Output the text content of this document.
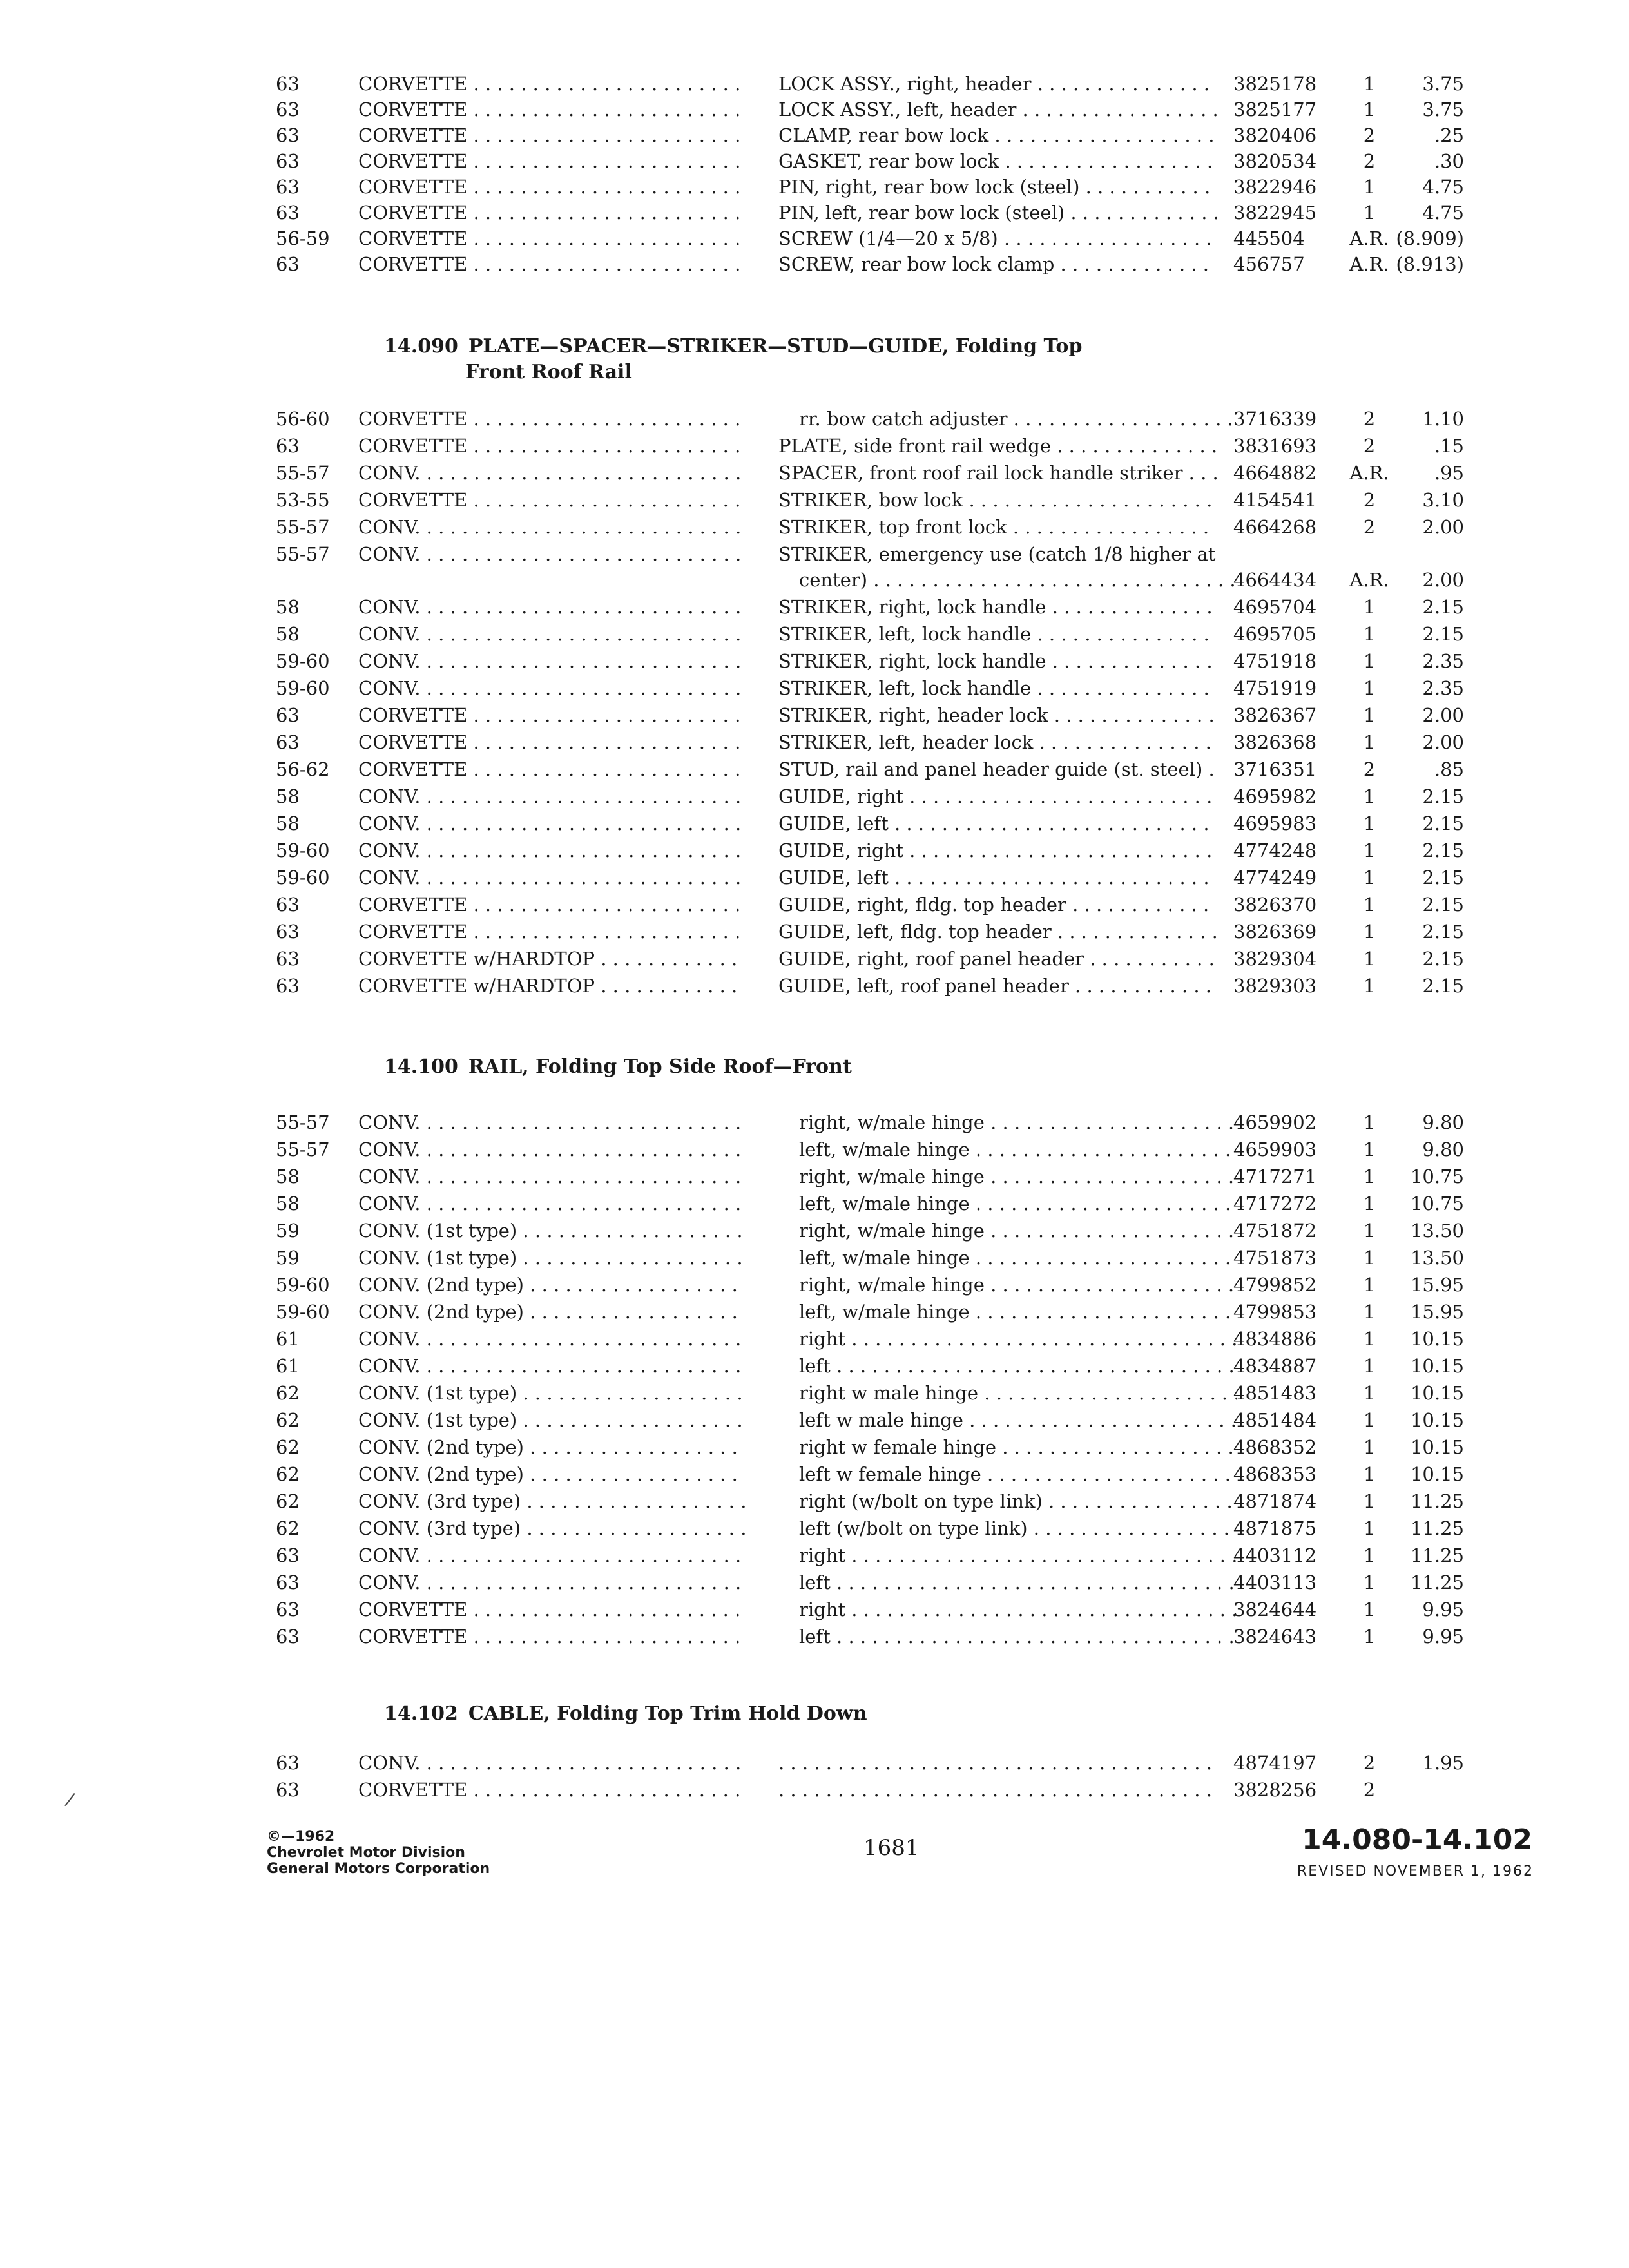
63	CORVETTE . . .	LOCK ASSY., right, header . . .	3825178	1	3.75
63	CORVETTE . . .	LOCK ASSY., left, header . . .	3825177	1	3.75
63	CORVETTE . . .	CLAMP, rear bow lock . . .	3820406	2	.25
63	CORVETTE . . .	GASKET, rear bow lock . . .	3820534	2	.30
63	CORVETTE . . .	PIN, right, rear bow lock (steel) . . .	3822946	1	4.75
63	CORVETTE . . .	PIN, left, rear bow lock (steel) . . .	3822945	1	4.75
56-59	CORVETTE . . .	SCREW (1/4—20 x 5/8) . . .	445504	A.R. (8.909)
63	CORVETTE . . .	SCREW, rear bow lock clamp . . .	456757	A.R. (8.913)
14.090 PLATE—SPACER—STRIKER—STUD—GUIDE, Folding Top
Front Roof Rail
56-60	CORVETTE . . .	rr. bow catch adjuster . . .	3716339	2	1.10
63	CORVETTE . . .	PLATE, side front rail wedge . . .	3831693	2	.15
55-57	CONV. . . .	SPACER, front roof rail lock handle striker . . .	4664882	A.R.	.95
53-55	CORVETTE . . .	STRIKER, bow lock . . .	4154541	2	3.10
55-57	CONV. . . .	STRIKER, top front lock . . .	4664268	2	2.00
55-57	CONV. . . .	STRIKER, emergency use (catch 1/8 higher at
center) . . .	4664434	A.R.	2.00
58	CONV. . . .	STRIKER, right, lock handle . . .	4695704	1	2.15
58	CONV. . . .	STRIKER, left, lock handle . . .	4695705	1	2.15
59-60	CONV. . . .	STRIKER, right, lock handle . . .	4751918	1	2.35
59-60	CONV. . . .	STRIKER, left, lock handle . . .	4751919	1	2.35
63	CORVETTE . . .	STRIKER, right, header lock . . .	3826367	1	2.00
63	CORVETTE . . .	STRIKER, left, header lock . . .	3826368	1	2.00
56-62	CORVETTE . . .	STUD, rail and panel header guide (st. steel) . . .	3716351	2	.85
58	CONV. . . .	GUIDE, right . . .	4695982	1	2.15
58	CONV. . . .	GUIDE, left . . .	4695983	1	2.15
59-60	CONV. . . .	GUIDE, right . . .	4774248	1	2.15
59-60	CONV. . . .	GUIDE, left . . .	4774249	1	2.15
63	CORVETTE . . .	GUIDE, right, fldg. top header . . .	3826370	1	2.15
63	CORVETTE . . .	GUIDE, left, fldg. top header . . .	3826369	1	2.15
63	CORVETTE w/HARDTOP . . .	GUIDE, right, roof panel header . . .	3829304	1	2.15
63	CORVETTE w/HARDTOP . . .	GUIDE, left, roof panel header . . .	3829303	1	2.15
14.100 RAIL, Folding Top Side Roof—Front
55-57	CONV. . . .	right, w/male hinge . . .	4659902	1	9.80
55-57	CONV. . . .	left, w/male hinge . . .	4659903	1	9.80
58	CONV. . . .	right, w/male hinge . . .	4717271	1	10.75
58	CONV. . . .	left, w/male hinge . . .	4717272	1	10.75
59	CONV. (1st type) . . .	right, w/male hinge . . .	4751872	1	13.50
59	CONV. (1st type) . . .	left, w/male hinge . . .	4751873	1	13.50
59-60	CONV. (2nd type) . . .	right, w/male hinge . . .	4799852	1	15.95
59-60	CONV. (2nd type) . . .	left, w/male hinge . . .	4799853	1	15.95
61	CONV. . . .	right . . .	4834886	1	10.15
61	CONV. . . .	left . . .	4834887	1	10.15
62	CONV. (1st type) . . .	right w male hinge . . .	4851483	1	10.15
62	CONV. (1st type) . . .	left w male hinge . . .	4851484	1	10.15
62	CONV. (2nd type) . . .	right w female hinge . . .	4868352	1	10.15
62	CONV. (2nd type) . . .	left w female hinge . . .	4868353	1	10.15
62	CONV. (3rd type) . . .	right (w/bolt on type link) . . .	4871874	1	11.25
62	CONV. (3rd type) . . .	left (w/bolt on type link) . . .	4871875	1	11.25
63	CONV. . . .	right . . .	4403112	1	11.25
63	CONV. . . .	left . . .	4403113	1	11.25
63	CORVETTE . . .	right . . .	3824644	1	9.95
63	CORVETTE . . .	left . . .	3824643	1	9.95
14.102 CABLE, Folding Top Trim Hold Down
63	CONV. . . . . . .	4874197	2	1.95
63	CORVETTE . . . . . .	3828256	2
/
©—1962
Chevrolet Motor Division
General Motors Corporation
1681	14.080-14.102
REVISED NOVEMBER 1, 1962
